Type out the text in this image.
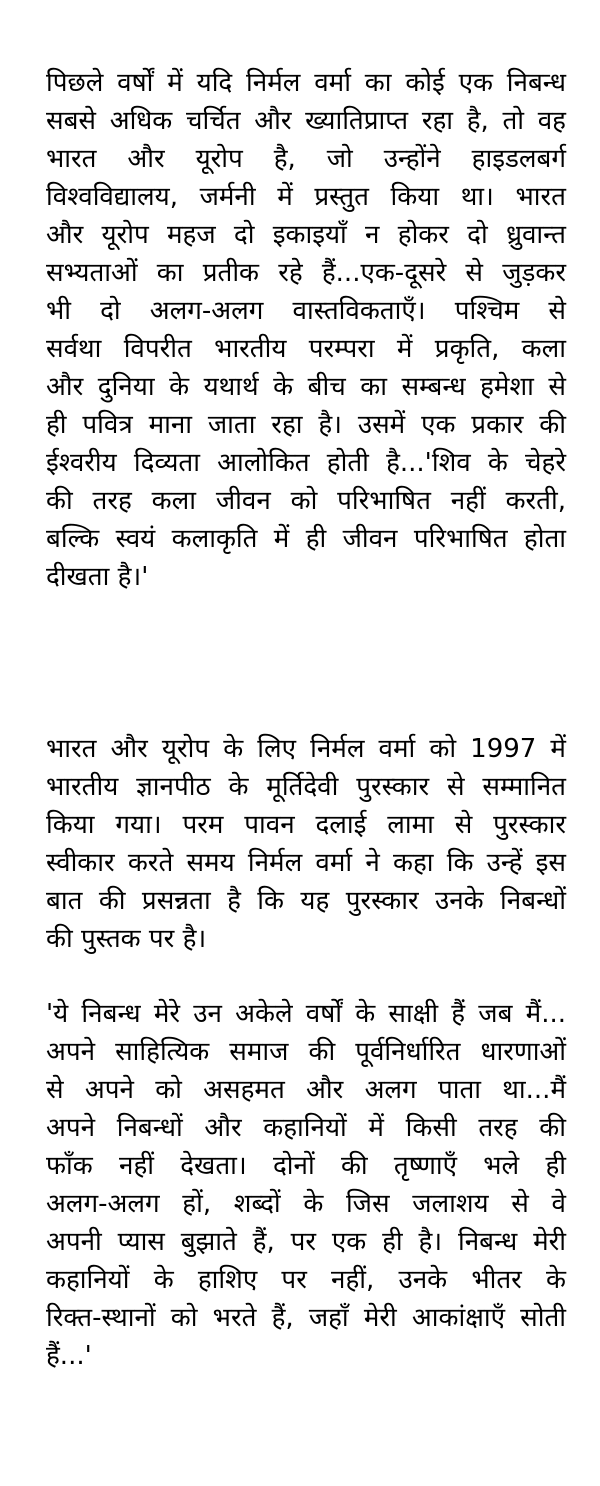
पिछले वर्षों में यदि निर्मल वर्मा का कोई एक निबन्ध
सबसे अधिक चर्चित और ख्यातिप्राप्त रहा है, तो वह
भारत और यूरोप है, जो उन्होंने हाइडलबर्ग
विश्वविद्यालय, जर्मनी में प्रस्तुत किया था। भारत
और यूरोप महज दो इकाइयाँ न होकर दो ध्रुवान्त
सभ्यताओं का प्रतीक रहे हैं...एक-दूसरे से जुड़कर
भी दो अलग-अलग वास्तविकताएँ। पश्चिम से
सर्वथा विपरीत भारतीय परम्परा में प्रकृति, कला
और दुनिया के यथार्थ के बीच का सम्बन्ध हमेशा से
ही पवित्र माना जाता रहा है। उसमें एक प्रकार की
ईश्वरीय दिव्यता आलोकित होती है...'शिव के चेहरे
की तरह कला जीवन को परिभाषित नहीं करती,
बल्कि स्वयं कलाकृति में ही जीवन परिभाषित होता
दीखता है।'
भारत और यूरोप के लिए निर्मल वर्मा को 1997 में
भारतीय ज्ञानपीठ के मूर्तिदेवी पुरस्कार से सम्मानित
किया गया। परम पावन दलाई लामा से पुरस्कार
स्वीकार करते समय निर्मल वर्मा ने कहा कि उन्हें इस
बात की प्रसन्नता है कि यह पुरस्कार उनके निबन्धों
की पुस्तक पर है।
'ये निबन्ध मेरे उन अकेले वर्षों के साक्षी हैं जब मैं...
अपने साहित्यिक समाज की पूर्वनिर्धारित धारणाओं
से अपने को असहमत और अलग पाता था...मैं
अपने निबन्धों और कहानियों में किसी तरह की
फाँक नहीं देखता। दोनों की तृष्णाएँ भले ही
अलग-अलग हों, शब्दों के जिस जलाशय से वे
अपनी प्यास बुझाते हैं, पर एक ही है। निबन्ध मेरी
कहानियों के हाशिए पर नहीं, उनके भीतर के
रिक्त-स्थानों को भरते हैं, जहाँ मेरी आकांक्षाएँ सोती
हैं...'
